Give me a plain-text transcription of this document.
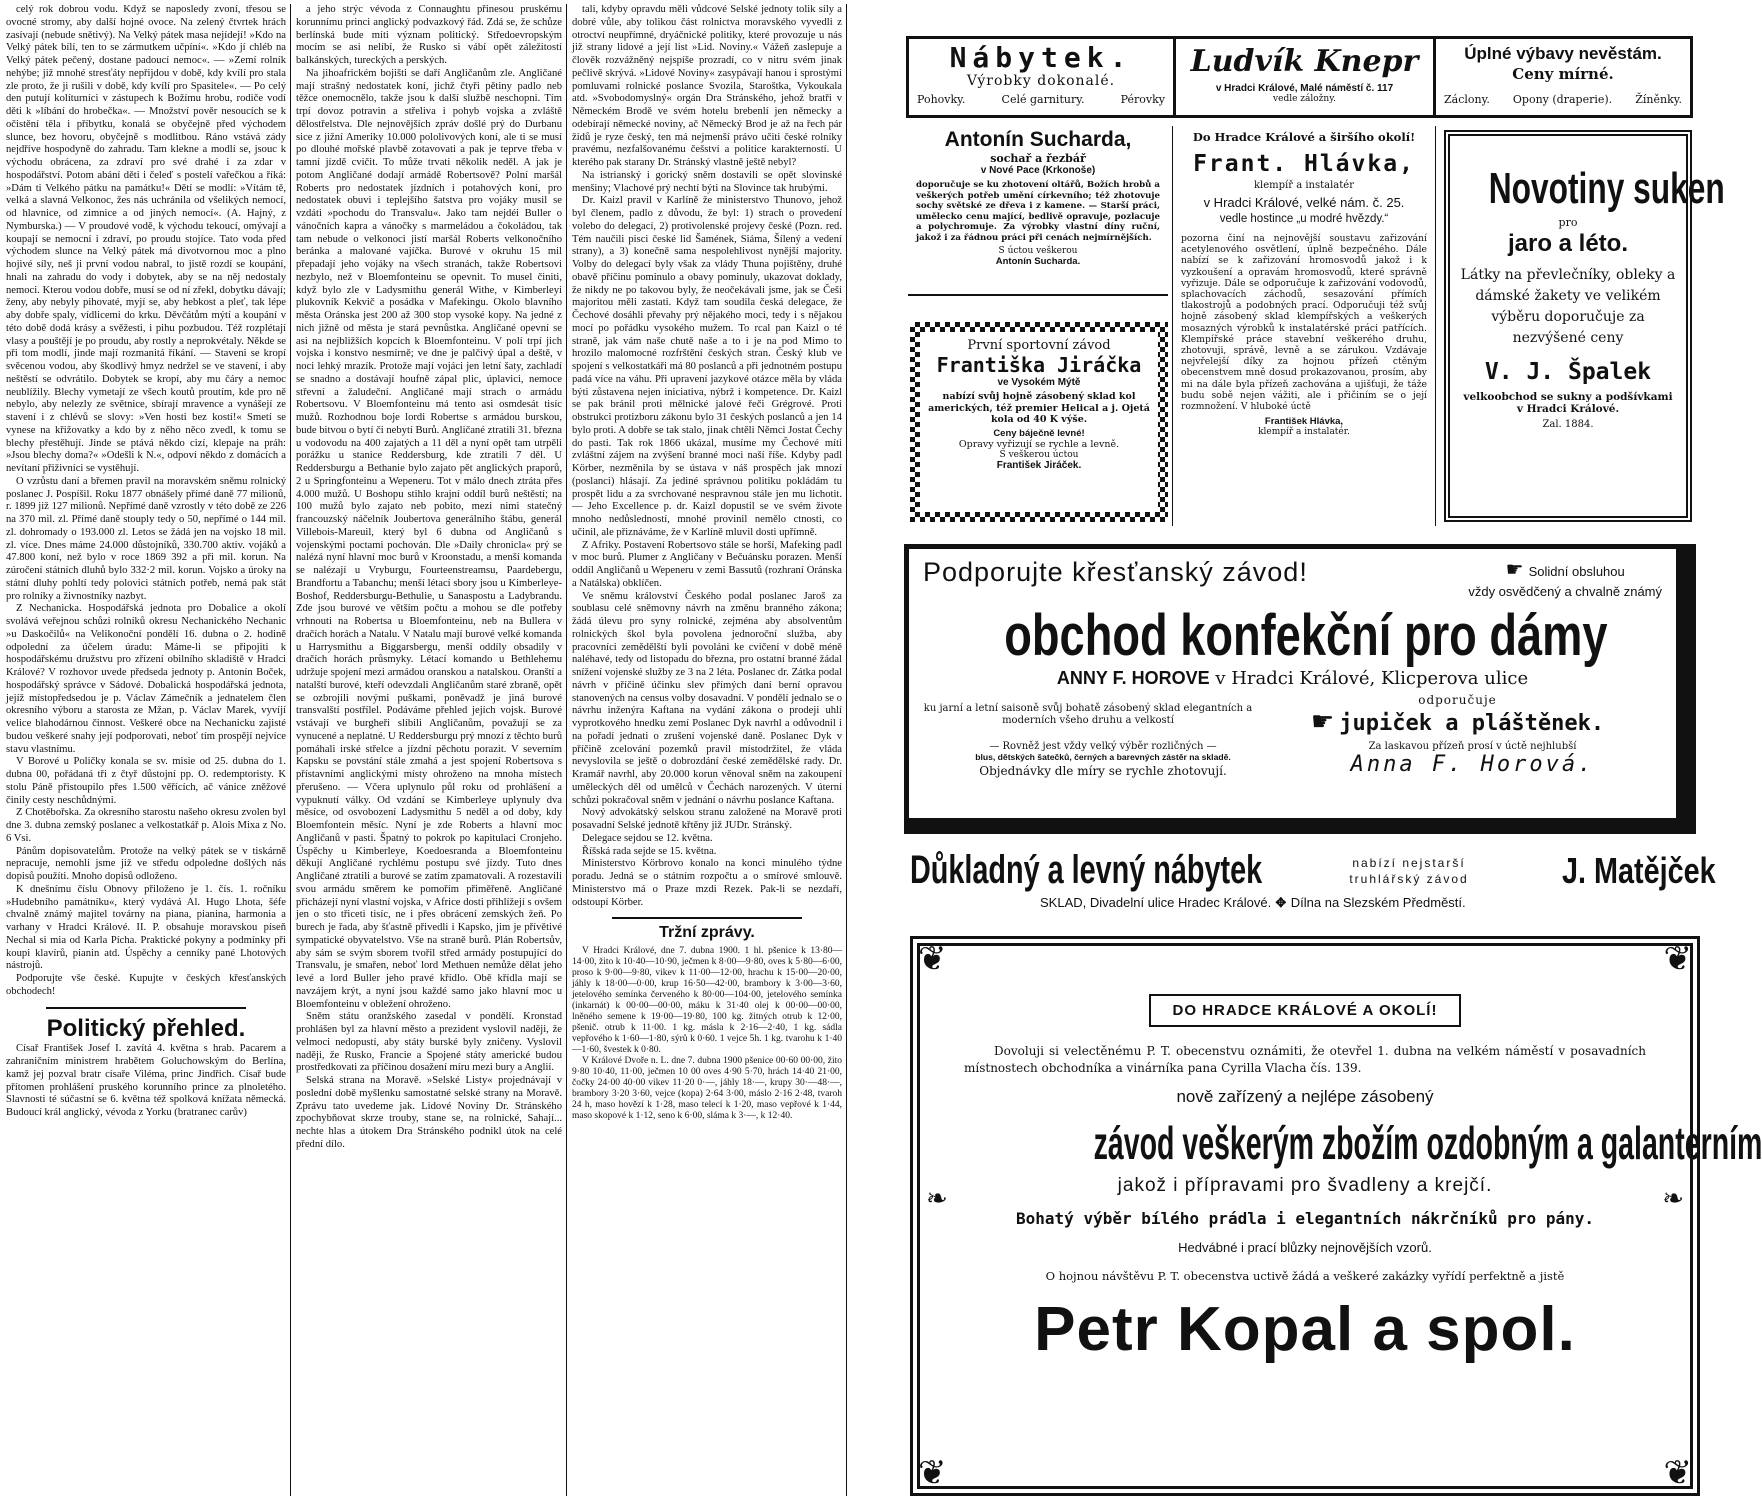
celý rok dobrou vodu. Když se naposledy zvoní, třesou se ovocné stromy, aby další hojné ovoce. Na zelený čtvrtek hrách zasívají (nebude snětivý). Na Velký pátek masa nejídejí! »Kdo na Velký pátek bílí, ten to se zármutkem učpíní«. »Kdo jí chléb na Velký pátek pečený, dostane padoucí nemoc«. — »Zemí rolník nehýbe; již mnohé stresťáty nepřijdou v době, kdy kvílí pro stala zle proto, že ji rušili v době, kdy kvílí pro Spasitele«. — Po celý den putují kolíturníci v zástupech k Božímu hrobu, rodiče vodí děti k »líbání do hrobečka«. — Množství pověr nesoucích se k očistění těla i příbytku, konalá se obyčejně před východem slunce, bez hovoru, obyčejně s modlitbou. Ráno vstává zády nejdříve hospodyně do zahradu. Tam klekne a modlí se, jsouc k východu obrácena, za zdraví pro své drahé i za zdar v hospodářství. Potom abání děti i čeleď s postelí vařečkou a říká: »Dám ti Velkého pátku na památku!« Dětí se modlí: »Vítám tě, velká a slavná Velkonoc, žes nás uchránila od všelikých nemocí, od hlavnice, od zimnice a od jiných nemocí«. (A. Hajný, z Nymburska.) — V proudové vodě, k východu tekoucí, omývají a koupají se nemocní i zdraví, po proudu stojíce. Tato voda před východem slunce na Velký pátek má divotvornou moc a plno hojivé síly, neš ji první vodou nabral, to jistě rozdí se koupání, hnali na zahradu do vody i dobytek, aby se na něj nedostaly nemoci. Kterou vodou dobře, musí se od ní zřekl, dobytku dávají; ženy, aby nebyly pihovaté, myjí se, aby hebkost a pleť, tak lépe aby dobře spaly, vídlicemi do krku. Děvčátům mýtí a koupání v této době dodá krásy a svěžesti, i pihu pozbudou. Též rozplétají vlasy a pouštějí je po proudu, aby rostly a neprokvétaly. Někde se při tom modlí, jinde mají rozmanitá říkání. — Staveni se kropí svěcenou vodou, aby škodlivý hmyz nedržel se ve stavení, i aby neštěstí se odvrátilo. Dobytek se kropí, aby mu čáry a nemoc neublížily. Blechy vymetají ze všech koutů proutím, kde pro ně nebylo, aby nelezly ze světnice, sbírají mravence a vynášejí ze stavení i z chlévů se slovy: »Ven hosti bez kostí!« Smetí se vynese na křižovatky a kdo by z něho něco zvedl, k tomu se blechy přestěhují. Jinde se ptává někdo cizí, klepaje na práh: »Jsou blechy doma?« »Odešli k N.«, odpoví někdo z domácích a nevítaní přiživníci se vystěhují.

O vzrůstu daní a břemen pravil na moravském sněmu rolnický poslanec J. Pospíšil. Roku 1877 obnášely přímé daně 77 milionů, r. 1899 již 127 milionů. Nepřímé daně vzrostly v této době ze 226 na 370 mil. zl. Přímé daně stouply tedy o 50, nepřímé o 144 mil. zl. dohromady o 193.000 zl. Letos se žádá jen na vojsko 18 mil. zl. více. Dnes máme 24.000 důstojníků, 330.700 aktiv. vojáků a 47.800 koní, než bylo v roce 1869 392 a při mil. korun. Na zúročení státních dluhů bylo 332·2 mil. korun. Vojsko a úroky na státní dluhy pohltí tedy polovici státních potřeb, nemá pak stát pro rolníky a živnostníky nazbyt.

Z Nechanicka. Hospodářská jednota pro Dobalice a okolí svolává veřejnou schůzi rolníků okresu Nechanického Nechanic »u Daskočilů« na Velikonoční pondělí 16. dubna o 2. hodině odpolední za účelem úradu: Máme-li se připojiti k hospodářskému družstvu pro zřízení obilního skladiště v Hradci Králové? V rozhovor uvede předseda jednoty p. Antonín Boček, hospodářský správce v Sádové. Dobalická hospodářská jednota, jejíž místopředsedou je p. Václav Zámečník a jednatelem člen okresního výboru a starosta ze Mžan, p. Václav Marek, vyvíjí velice blahodárnou činnost. Veškeré obce na Nechanicku zajisté budou veškeré snahy její podporovati, neboť tím prospějí nejvíce stavu vlastnímu.

V Borové u Poličky konala se sv. misie od 25. dubna do 1. dubna 00, pořádaná tři z čtyř důstojní pp. O. redemptoristy. K stolu Páně přistoupilo přes 1.500 věřících, ač vánice zněžové činily cesty neschůdnými.

Z Chotěbořska. Za okresního starostu našeho okresu zvolen byl dne 3. dubna zemský poslanec a velkostatkář p. Alois Mixa z No. 6 Vsi.

Pánům dopisovatelům. Protože na velký pátek se v tiskárně nepracuje, nemohli jsme již ve středu odpoledne došlých nás dopisů použíti. Mnoho dopisů odloženo.

K dnešnímu číslu Obnovy přiloženo je 1. čís. 1. ročníku »Hudebního památníku«, který vydává Al. Hugo Lhota, šéfe chvalně známý majitel továrny na piana, pianina, harmonia a varhany v Hradci Králové. II. P. obsahuje moravskou píseň Nechal si mia od Karla Pícha. Praktické pokyny a podmínky při koupi klavírů, pianin atd. Úspěchy a cenníky pané Lhotových nástrojů.

Podporujte vše české. Kupujte v českých křesťanských obchodech!

Politický přehled.

Císař František Josef I. zavítá 4. května s hrab. Pacarem a zahraničním ministrem hrabětem Goluchowským do Berlína, kamž jej pozval bratr císaře Viléma, princ Jindřich. Císař bude přítomen prohlášení pruského korunního prince za plnoletého. Slavnosti té súčastní se 6. května též spolková knížata německá. Budoucí král anglický, vévoda z Yorku (bratranec carův)

a jeho strýc vévoda z Connaughtu přinesou pruskému korunnímu princi anglický podvazkový řád. Zdá se, že schůze berlínská bude míti význam politický. Středoevropským mocím se asi nelíbí, že Rusko si vábí opět záležitostí balkánských, tureckých a perských.

Na jihoafrickém bojišti se daří Angličanům zle. Angličané mají strašný nedostatek koní, jichž čtyři pětiny padlo neb těžce onemocnělo, takže jsou k další službě neschopni. Tím trpí dovoz potravin a střeliva i pohyb vojska a zvláště dělostřelstva. Dle nejnovějších zpráv došlé prý do Durbanu sice z jižní Ameriky 10.000 pololivových koní, ale ti se musí po dlouhé mořské plavbě zotavovati a pak je teprve třeba v tamní jízdě cvičit. To může trvati několik neděl. A jak je potom Angličané dodají armádě Robertsově? Polní maršál Roberts pro nedostatek jízdních i potahových koní, pro nedostatek obuvi i teplejšího šatstva pro vojáky musil se vzdáti »pochodu do Transvalu«. Jako tam nejdéi Buller o vánočních kapra a vánočky s marmeládou a čokoládou, tak tam nebude o velkonoci jistí maršál Roberts velkonočního beránka a malované vajíčka. Burové v okruhu 15 mil přepadají jeho vojáky na všech stranách, takže Robertsovi nezbylo, než v Bloemfonteinu se opevnit. To musel činiti, když bylo zle v Ladysmithu generál Withe, v Kimberleyi plukovník Kekvič a posádka v Mafekingu. Okolo blavního města Oránska jest 200 až 300 stop vysoké kopy. Na jedné z nich jižně od města je stará pevnůstka. Angličané opevní se asi na nejbližších kopcích k Bloemfonteinu. V polí trpí jich vojska i konstvo nesmírně; ve dne je palčivý úpal a deště, v noci lehký mrazík. Protože mají vojáci jen letní šaty, zachladí se snadno a dostávají houfně zápal plic, úplavici, nemoce střevní a žaludeční. Angličané mají strach o armádu Robertsovu. V Bloemfonteinu má tento asi osmdesát tisíc mužů. Rozhodnou boje lordi Robertse s armádou burskou, bude bitvou o bytí či nebytí Burů. Angličané ztratili 31. března u vodovodu na 400 zajatých a 11 děl a nyní opět tam utrpěli porážku u stanice Reddersburg, kde ztratili 7 děl. U Reddersburgu a Bethanie bylo zajato pět anglických praporů, 2 u Springfonteinu a Wepeneru. Tot v málo dnech ztráta přes 4.000 mužů. U Boshopu stihlo krajní oddíl burů neštěstí; na 100 mužů bylo zajato neb pobito, mezi nimi statečný francouzský náčelník Joubertova generálního štábu, generál Villebois-Mareuil, který byl 6 dubna od Angličanů s vojenskými poctami pochován. Dle »Daily chronicla« prý se nalézá nyní hlavní moc burů v Kroonstadu, a menší komanda se nalézají u Vryburgu, Fourteenstreamsu, Paardebergu, Brandfortu a Tabanchu; menší létací sbory jsou u Kimberleye-Boshof, Reddersburgu-Bethulie, u Sanaspostu a Ladybrandu. Zde jsou burové ve větším počtu a mohou se dle potřeby vrhnouti na Robertsa u Bloemfonteinu, neb na Bullera v dračích horách a Natalu. V Natalu mají burové velké komanda u Harrysmithu a Biggarsbergu, menší oddíly obsadily v dračích horách průsmyky. Létací komando u Bethlehemu udržuje spojení mezi armádou oranskou a natalskou. Oranští a natalští burové, kteří odevzdali Angličanům staré zbraně, opět se ozbrojili novými puškami, poněvadž je jiná burové transvalští postřílel. Podáváme přehled jejích vojsk. Burové vstávají ve burgheři slíbili Angličanům, považují se za vynucené a neplatné. U Reddersburgu prý mnozí z těchto burů pomáhali irské střelce a jízdní pěchotu porazit. V severním Kapsku se povstání stále zmahá a jest spojení Robertsova s přístavními anglickými místy ohroženo na mnoha místech přerušeno. — Včera uplynulo půl roku od prohlášení a vypuknutí války. Od vzdání se Kimberleye uplynuly dva měsíce, od osvobození Ladysmithu 5 neděl a od doby, kdy Bloemfontein měsíc. Nyní je zde Roberts a hlavní moc Angličanů v pasti. Špatný to pokrok po kapitulaci Cronjeho. Úspěchy u Kimberleye, Koedoesranda a Bloemfonteinu děkují Angličané rychlému postupu své jízdy. Tuto dnes Angličané ztratili a burové se zatím zpamatovali. A rozestavili svou armádu směrem ke pomořím přiměřeně. Angličané přicházejí nyní vlastní vojska, v Africe dosti přihlížejí s ovšem jen o sto třiceti tisíc, ne i přes obrácení zemských žeň. Po burech je řada, aby šťastně přivedli i Kapsko, jim je přívětivé sympatické obyvatelstvo. Vše na straně burů. Plán Robertsův, aby sám se svým sborem tvořil střed armády postupující do Transvalu, je smařen, neboť lord Methuen nemůže dělat jeho levé a lord Buller jeho pravé křídlo. Obě křídla mají se navzájem krýt, a nyní jsou každé samo jako hlavní moc u Bloemfonteinu v obležení ohroženo.

Sněm státu oranžského zasedal v pondělí. Kronstad prohlášen byl za hlavní město a prezident vyslovil naději, že velmoci nedopustí, aby státy burské byly zničeny. Vyslovil naději, že Rusko, Francie a Spojené státy americké budou prostředkovati za příčinou dosažení míru mezi bury a Anglií.

Selská strana na Moravě. »Selské Listy« projednávají v poslední době myšlenku samostatné selské strany na Moravě. Zprávu tato uvedeme jak. Lidové Noviny Dr. Stránského zpochybňovat skrze trouby, stane se, na rolnické, Sahají... nechte hlas a útokem Dra Stránského podnikl útok na celé přední dílo.

tali, kdyby opravdu měli vůdcové Selské jednoty tolik síly a dobré vůle, aby tolikou část rolnictva moravského vyvedli z otroctví neupřímné, dryáčnické politiky, které provozuje u nás již strany lidové a její list »Lid. Noviny.« Vážeň zaslepuje a člověk rozvážněný nejspíše prozradí, co v nitru svém jinak pečlivě skrývá. »Lidové Noviny« zasypávají hanou i sprostými pomluvami rolnické poslance Svozila, Staroštka, Vykoukala atd. »Svobodomyslný« orgán Dra Stránského, jehož bratři v Německém Brodě ve svém hotelu brebenlí jen německy a odebírají německé noviny, ač Německý Brod je až na řech pár židů je ryze český, ten má nejmenší právo učiti české rolníky pravému, nezfalšovanému češství a politice karakterností. U kterého pak starany Dr. Stránský vlastně ještě nebyl?

Na istrianský i gorický sněm dostavili se opět slovinské menšiny; Vlachové prý nechtí býti na Slovince tak hrubými.

Dr. Kaizl pravil v Karlíně že ministerstvo Thunovo, jehož byl členem, padlo z důvodu, že byl: 1) strach o provedení volebo do delegací, 2) protivolenské projevy české (Pozn. red. Tém naučili pisci české lid Šamének, Siáma, Šílený a vedení strany), a 3) konečně sama nespolehlivost nynější majority. Volby do delegací byly však za vlády Thuna pojištěny, druhé obavě příčinu pominulo a obavy pominuly, ukazovat doklady, že nikdy ne po takovou byly, že neočekávali jsme, jak se Češi majoritou měli zastati. Když tam soudila česká delegace, že Čechové dosáhli převahy prý nějakého moci, tedy i s nějakou mocí po pořádku vysokého mužem. To rcal pan Kaizl o té straně, jak vám naše chutě naše a to i je na pod Mimo to hrozilo malomocné rozfrštění českých stran. Český klub ve spojení s velkostatkáři má 80 poslanců a při jednotném postupu padá více na váhu. Při upravení jazykové otázce měla by vláda býti zůstavena nejen iniciativa, nýbrž i kompetence. Dr. Kaizl se pak bránil proti mělnické jalové řeči Grégrové. Proti obstrukci protizboru zákonu bylo 31 českých poslanců a jen 14 bylo proti. A dobře se tak stalo, jinak chtěli Němci Jostat Čechy do pasti. Tak rok 1866 ukázal, musíme my Čechové míti zvláštní zájem na zvýšení branné moci naší říše. Kdyby padl Körber, nezměnila by se ústava v náš prospěch jak mnozí (poslanci) hlásají. Za jediné správnou politiku pokládám tu prospět lidu a za svrchované nespravnou stále jen mu lichotit. — Jeho Excellence p. dr. Kaizl dopustil se ve svém živote mnoho nedůsledností, mnohé provinil nemělo ctnosti, co učinil, ale přiznáváme, že v Karlíně mluvil dosti upřímně.

Z Afriky. Postavení Robertsovo stále se horší, Mafeking padl v moc burů. Plumer z Angličany v Bečuánsku porazen. Menší oddíl Angličanů u Wepeneru v zemi Bassutů (rozhraní Oránska a Natálska) obklíčen.

Ve sněmu království Českého podal poslanec Jaroš za soublasu celé sněmovny návrh na změnu branného zákona; žádá úlevu pro syny rolnické, zejména aby absolventům rolnických škol byla povolena jednoroční služba, aby pracovníci zemědělští byli povoláni ke cvičení v době méně naléhavé, tedy od listopadu do března, pro ostatní branné žádal snížení vojenské služby ze 3 na 2 léta. Poslanec dr. Zátka podal návrh v příčině účinku slev přímých daní berní opravou stanovených na census volby dosavadní. V pondělí jednalo se o návrhu inženýra Kaftana na vydání zákona o prodeji uhlí vyprotkového hnedku zemí Poslanec Dyk navrhl a odůvodnil i na pořadí jednati o zrušení vojenské daně. Poslanec Dyk v příčině zcelování pozemků pravil místodržitel, že vláda nevyslovila se ještě o dobrozdání české zemědělské rady. Dr. Kramář navrhl, aby 20.000 korun věnoval sněm na zakoupení uměleckých děl od umělců v Čechách narozených. V úterní schůzi pokračoval sněm v jednání o návrhu poslance Kaftana.

Nový advokátský selskou stranu založené na Moravě proti posavadní Selské jednotě křtěny již JUDr. Stránský.

Delegace sejdou se 12. května.

Říšská rada sejde se 15. května.

Ministerstvo Körbrovo konalo na konci minulého týdne poradu. Jedná se o státním rozpočtu a o smírové smlouvě. Ministerstvo má o Praze mzdi Rezek. Pak-li se nezdaří, odstoupí Körber.

Tržní zprávy.

V Hradci Králové, dne 7. dubna 1900. 1 hl. pšenice k 13·80—14·00, žito k 10·40—10·90, ječmen k 8·00—9·80, oves k 5·80—6·00, proso k 9·00—9·80, vikev k 11·00—12·00, hrachu k 15·00—20·00, jáhly k 18·00—0·00, krup 16·50—42·00, brambory k 3·00—3·60, jetelového semínka červeného k 80·00—104·00, jetelového semínka (inkarnát) k 00·00—00·00, máku k 31·40 olej k 00·00—00·00, lněného semene k 19·00—19·80, 100 kg. žitných otrub k 12·00, pšenič. otrub k 11·00. 1 kg. másla k 2·16—2·40, 1 kg. sádla vepřového k 1·60—1·80, sýrů k 0·60. 1 vejce 5h. 1 kg. tvarohu k 1·40—1·60, švestek k 0·80.

V Králové Dvoře n. L. dne 7. dubna 1900 pšenice 00·60 00·00, žito 9·80 10·40, 11·00, ječmen 10 00 oves 4·90 5·70, hrách 14·40 21·00, čočky 24·00 40·00 vikev 11·20 0·—, jáhly 18·—, krupy 30·—48·—, brambory 3·20 3·60, vejce (kopa) 2·64 3·00, máslo 2·16 2·48, tvaroh 24 h, maso hovězí k 1·28, maso telecí k 1·20, maso vepřové k 1·44, maso skopové k 1·12, seno k 6·00, sláma k 3·—, k 12·40.

Nábytek.
Výrobky dokonalé.
Pohovky.	Celé garnitury.	Pérovky
Ludvík Knepr
v Hradci Králové, Malé náměstí č. 117
vedle záložny.
Úplné výbavy nevěstám.
Ceny mírné.
Záclony. Opony (draperie). Žíněnky.
Antonín Sucharda,
sochař a řezbář
v Nové Pace (Krkonoše)
doporučuje se ku zhotovení oltářů, Božích hrobů a veškerých potřeb umění církevního; též zhotovuje sochy světské ze dřeva i z kamene. — Starší práci, umělecko cenu mající, bedlivě opravuje, pozlacuje a polychromuje. Za výrobky vlastní díny ruční, jakož i za řádnou práci při cenách nejmírnějších.
S úctou veškerou
Antonín Sucharda.
První sportovní závod
Františka Jiráčka
ve Vysokém Mýtě
nabízí svůj hojně zásobený sklad kol amerických, též premier Helical a j. Ojetá kola od 40 K výše.
Ceny báječně levné!
Opravy vyřizují se rychle a levně.
S veškerou úctou
František Jiráček.
Do Hradce Králové a širšího okolí!
Frant. Hlávka,
klempíř a instalatér
v Hradci Králové, velké nám. č. 25.
vedle hostince „u modré hvězdy.“
pozorna činí na nejnovější soustavu zařizování acetylenového osvětlení, úplně bezpečného. Dále nabízí se k zařizování hromosvodů jakož i k vyzkoušení a opravám hromosvodů, které správně vyřizuje. Dále se odporučuje k zařizování vodovodů, splachovacích záchodů, sesazování přímích tlakostrojů a podobných prací. Odporučuji též svůj hojně zásobený sklad klempířských a veškerých mosazných výrobků k instalatérské práci patřících. Klempířské práce stavební veškerého druhu, zhotovuji, správě, levně a se zárukou. Vzdávaje nejvřelejší díky za hojnou přízeň ctěným obecenstvem mně dosud prokazovanou, prosím, aby mi na dále byla přízeň zachována a ujišťuji, že táže budu sobě nejen vážiti, ale i přičiním se o její rozmnožení. V hluboké úctě
František Hlávka,
klempíř a instalatér.
Novotiny suken
pro
jaro a léto.
Látky na převlečníky, obleky a dámské žakety ve velikém výběru doporučuje za nezvýšené ceny
V. J. Špalek
velkoobchod se sukny a podšívkami
v Hradci Králové.
Zal. 1884.
Podporujte křesťanský závod!	☛ Solidní obsluhou
vždy osvědčený a chvalně známý
obchod konfekční pro dámy
ANNY F. HOROVE v Hradci Králové, Klicperova ulice
ku jarní a letní saisoně svůj bohatě zásobený sklad elegantních a moderních všeho druhu a velkostí
odporučuje
☛ jupiček a pláštěnek.
— Rovněž jest vždy velký výběr rozličných —
blus, dětských šatečků, černých a barevných zástěr na skladě.
Objednávky dle míry se rychle zhotovují.
Za laskavou přízeň prosí v úctě nejhlubší
Anna F. Horová.
Důkladný a levný nábytek	nabízí nejstarší
truhlářský závod	J. Matějček
SKLAD, Divadelní ulice Hradec Králové. ✥ Dílna na Slezském Předměstí.
❦	❦
❦	❦
❧	❧
DO HRADCE KRÁLOVÉ A OKOLÍ!
Dovoluji si velectěnému P. T. obecenstvu oznámiti, že otevřel 1. dubna na velkém náměstí v posavadních místnostech obchodníka a vinárníka pana Cyrilla Vlacha čís. 139.
nově zařízený a nejlépe zásobený
závod veškerým zbožím ozdobným a galanterním
jakož i přípravami pro švadleny a krejčí.
Bohatý výběr bílého prádla i elegantních nákrčníků pro pány.
Hedvábné i prací blůzky nejnovějších vzorů.
O hojnou návštěvu P. T. obecenstva uctivě žádá a veškeré zakázky vyřídí perfektně a jistě
Petr Kopal a spol.
